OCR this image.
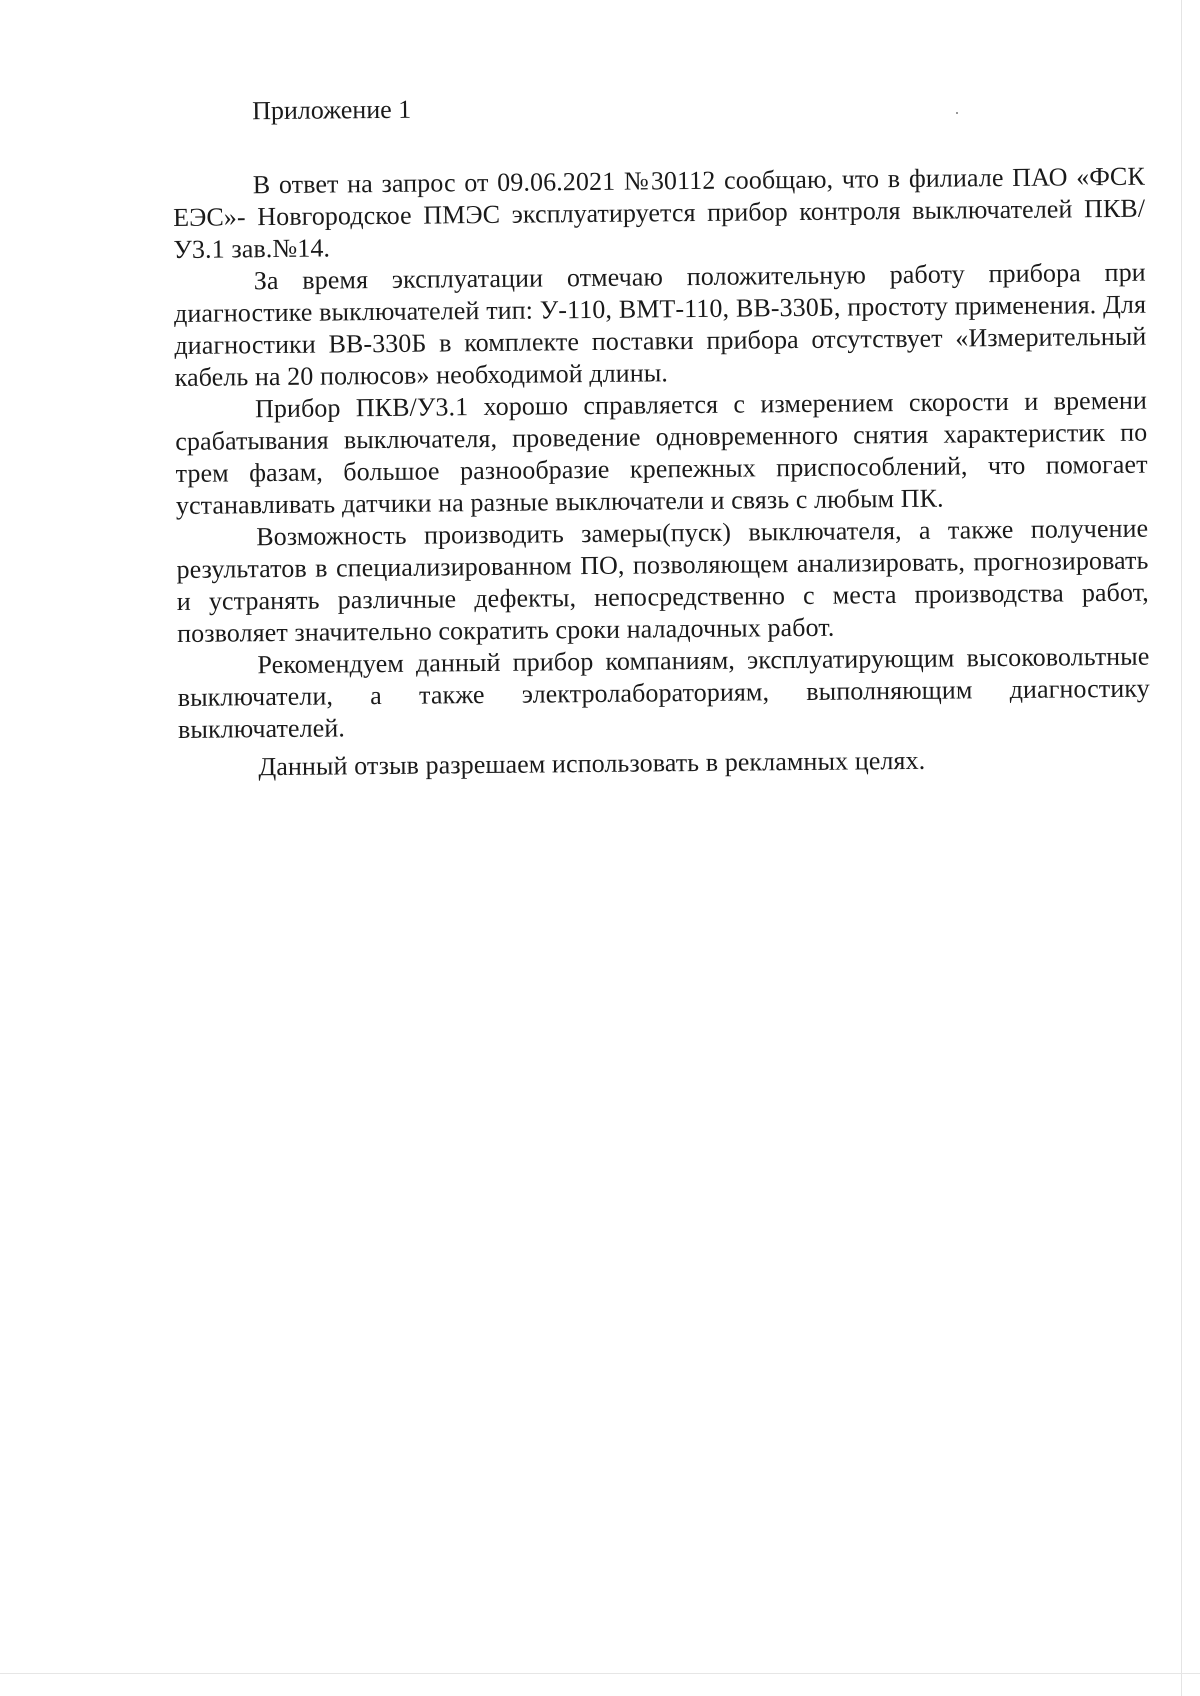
Приложение 1

В ответ на запрос от 09.06.2021 №30112 сообщаю, что в филиале ПАО «ФСК ЕЭС»- Новгородское ПМЭС эксплуатируется прибор контроля выключателей ПКВ/У3.1 зав.№14.

За время эксплуатации отмечаю положительную работу прибора при диагностике выключателей тип: У-110, ВМТ-110, ВВ-330Б, простоту применения. Для диагностики ВВ-330Б в комплекте поставки прибора отсутствует «Измерительный кабель на 20 полюсов» необходимой длины.

Прибор ПКВ/У3.1 хорошо справляется с измерением скорости и времени срабатывания выключателя, проведение одновременного снятия характеристик по трем фазам, большое разнообразие крепежных приспособлений, что помогает устанавливать датчики на разные выключатели и связь с любым ПК.

Возможность производить замеры(пуск) выключателя, а также получение результатов в специализированном ПО, позволяющем анализировать, прогнозировать и устранять различные дефекты, непосредственно с места производства работ, позволяет значительно сократить сроки наладочных работ.

Рекомендуем данный прибор компаниям, эксплуатирующим высоковольтные выключатели, а также электролабораториям, выполняющим диагностику выключателей.

Данный отзыв разрешаем использовать в рекламных целях.
